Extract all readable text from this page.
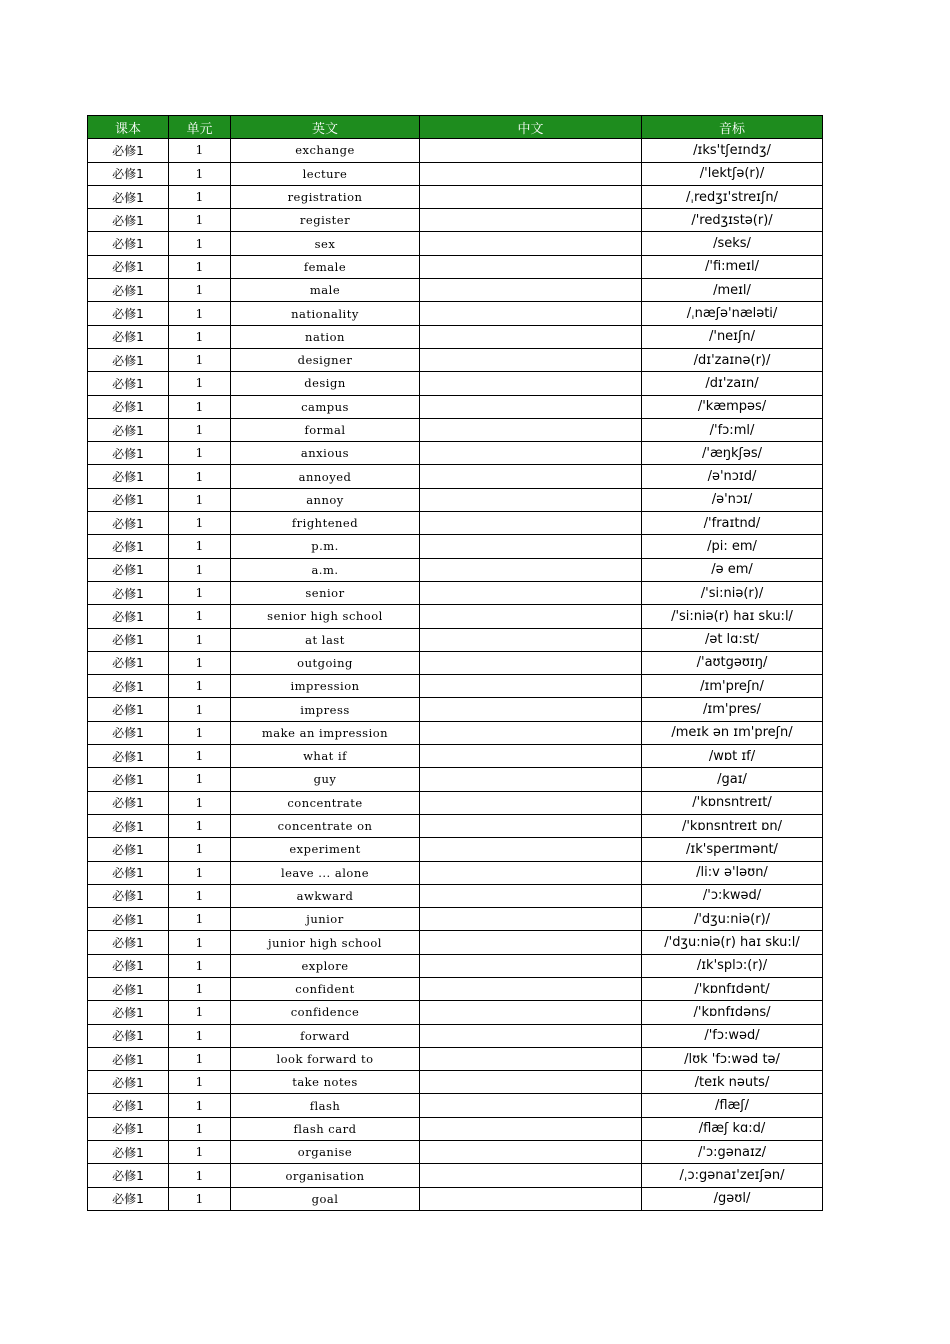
课本	单元	英文	中文	音标
必修1	1	exchange		/ɪks'tʃeɪndʒ/
必修1	1	lecture		/'lektʃə(r)/
必修1	1	registration		/ˌredʒɪ'streɪʃn/
必修1	1	register		/'redʒɪstə(r)/
必修1	1	sex		/seks/
必修1	1	female		/'fi:meɪl/
必修1	1	male		/meɪl/
必修1	1	nationality		/ˌnæʃə'næləti/
必修1	1	nation		/'neɪʃn/
必修1	1	designer		/dɪ'zaɪnə(r)/
必修1	1	design		/dɪ'zaɪn/
必修1	1	campus		/'kæmpəs/
必修1	1	formal		/'fɔ:ml/
必修1	1	anxious		/'æŋkʃəs/
必修1	1	annoyed		/ə'nɔɪd/
必修1	1	annoy		/ə'nɔɪ/
必修1	1	frightened		/'fraɪtnd/
必修1	1	p.m.		/pi: em/
必修1	1	a.m.		/ə em/
必修1	1	senior		/'si:niə(r)/
必修1	1	senior high school		/'si:niə(r) haɪ sku:l/
必修1	1	at last		/ət lɑ:st/
必修1	1	outgoing		/'aʊtgəʊɪŋ/
必修1	1	impression		/ɪm'preʃn/
必修1	1	impress		/ɪm'pres/
必修1	1	make an impression		/meɪk ən ɪm'preʃn/
必修1	1	what if		/wɒt ɪf/
必修1	1	guy		/gaɪ/
必修1	1	concentrate		/'kɒnsntreɪt/
必修1	1	concentrate on		/'kɒnsntreɪt ɒn/
必修1	1	experiment		/ɪk'sperɪmənt/
必修1	1	leave ... alone		/li:v ə'ləʊn/
必修1	1	awkward		/'ɔ:kwəd/
必修1	1	junior		/'dʒu:niə(r)/
必修1	1	junior high school		/'dʒu:niə(r) haɪ sku:l/
必修1	1	explore		/ɪk'splɔ:(r)/
必修1	1	confident		/'kɒnfɪdənt/
必修1	1	confidence		/'kɒnfɪdəns/
必修1	1	forward		/'fɔ:wəd/
必修1	1	look forward to		/lʊk 'fɔ:wəd tə/
必修1	1	take notes		/teɪk nəuts/
必修1	1	flash		/flæʃ/
必修1	1	flash card		/flæʃ kɑ:d/
必修1	1	organise		/'ɔ:gənaɪz/
必修1	1	organisation		/ˌɔ:gənaɪ'zeɪʃən/
必修1	1	goal		/gəʊl/
